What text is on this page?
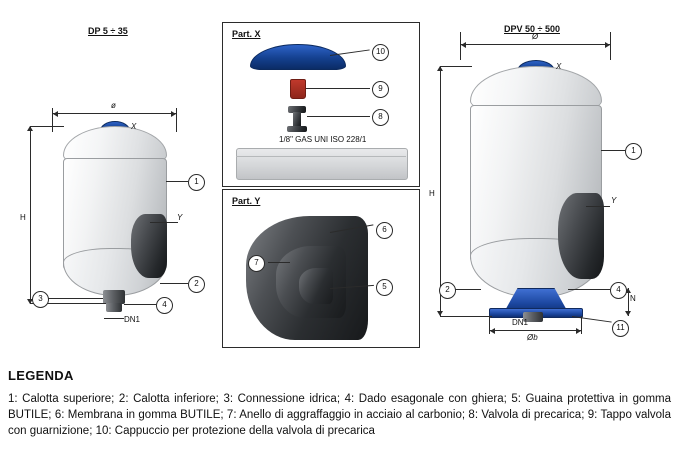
DP 5 ÷ 35
ø
H
X
Y
DN1
1
2
3
4
Part. X
10
9
8
1/8" GAS UNI ISO 228/1
Part. Y
6
7
5
DPV 50 ÷ 500
Ø
H
Øb
N
X
Y
DN1
1
2	4
11
LEGENDA

1: Calotta superiore; 2: Calotta inferiore; 3: Connessione idrica; 4: Dado esagonale con ghiera; 5: Guaina protettiva in gomma BUTILE; 6: Membrana in gomma BUTILE; 7: Anello di aggraffaggio in acciaio al carbonio; 8: Valvola di precarica; 9: Tappo valvola con guarnizione; 10: Cappuccio per protezione della valvola di precarica
